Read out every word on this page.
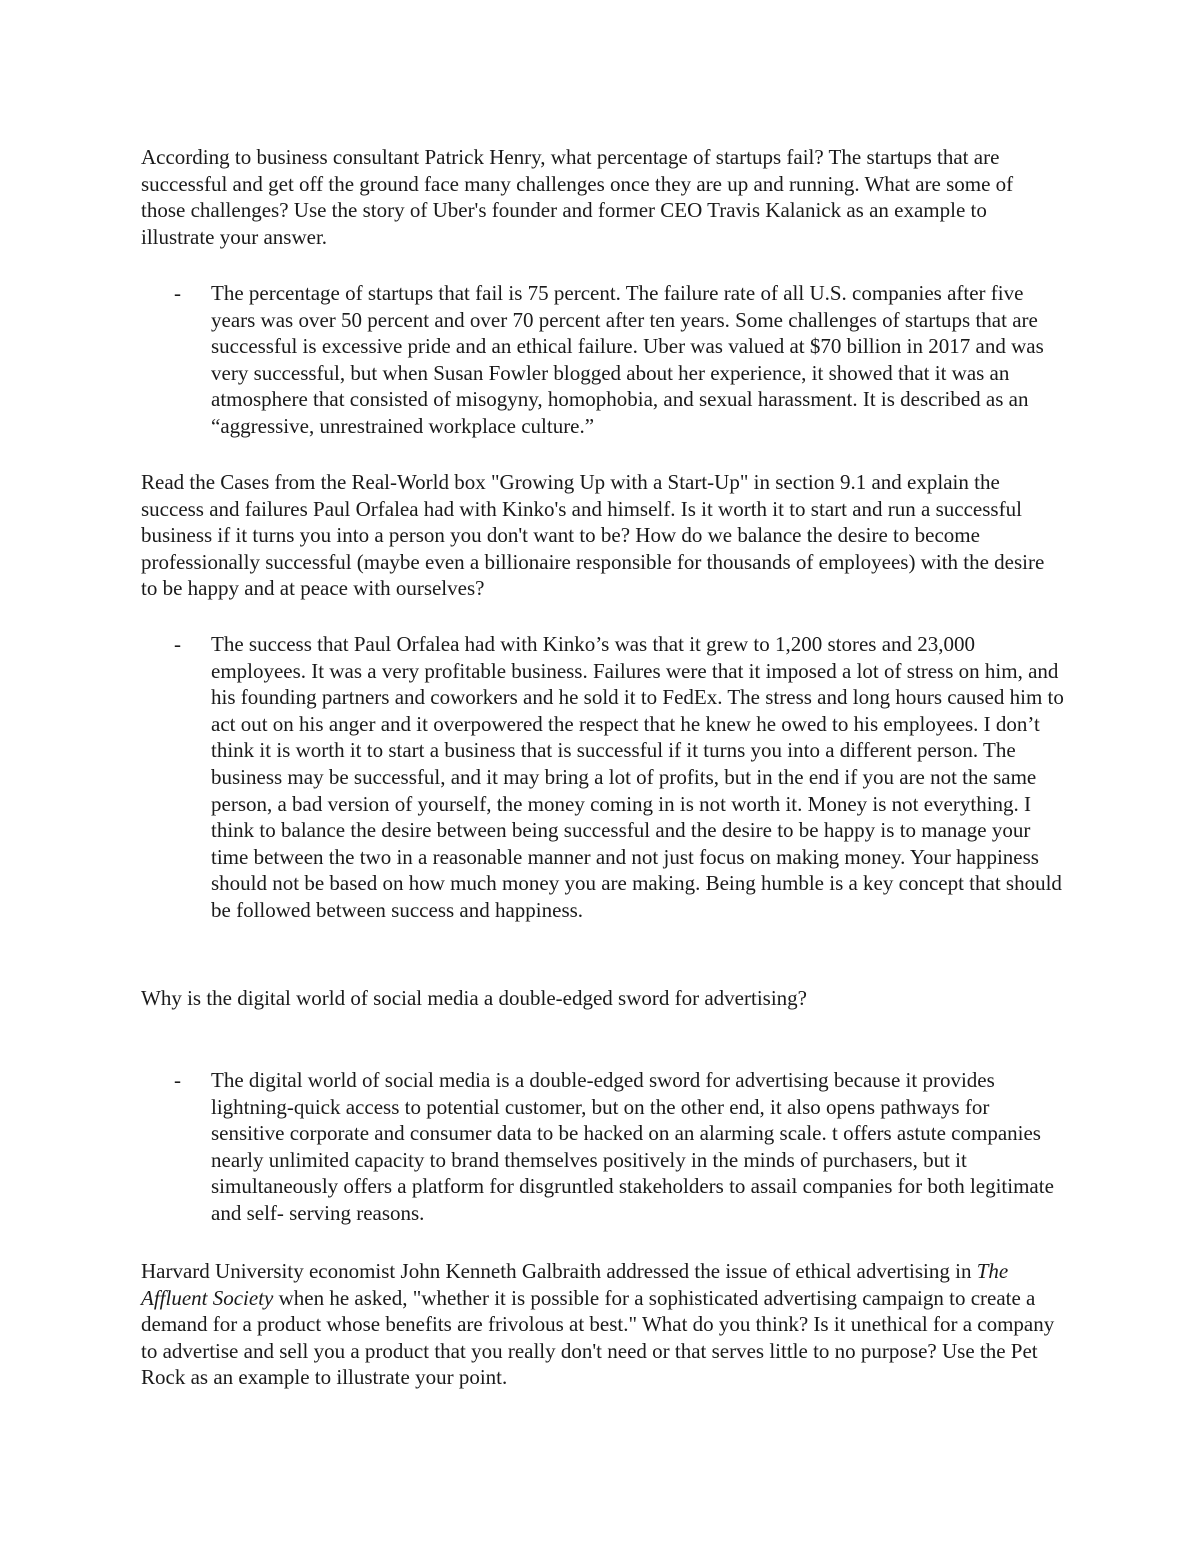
According to business consultant Patrick Henry, what percentage of startups fail? The startups that are successful and get off the ground face many challenges once they are up and running. What are some of those challenges? Use the story of Uber's founder and former CEO Travis Kalanick as an example to illustrate your answer.

- The percentage of startups that fail is 75 percent. The failure rate of all U.S. companies after five years was over 50 percent and over 70 percent after ten years. Some challenges of startups that are successful is excessive pride and an ethical failure. Uber was valued at $70 billion in 2017 and was very successful, but when Susan Fowler blogged about her experience, it showed that it was an atmosphere that consisted of misogyny, homophobia, and sexual harassment. It is described as an “aggressive, unrestrained workplace culture.”

Read the Cases from the Real-World box "Growing Up with a Start-Up" in section 9.1 and explain the success and failures Paul Orfalea had with Kinko's and himself. Is it worth it to start and run a successful business if it turns you into a person you don't want to be? How do we balance the desire to become professionally successful (maybe even a billionaire responsible for thousands of employees) with the desire to be happy and at peace with ourselves?

- The success that Paul Orfalea had with Kinko’s was that it grew to 1,200 stores and 23,000 employees. It was a very profitable business. Failures were that it imposed a lot of stress on him, and his founding partners and coworkers and he sold it to FedEx. The stress and long hours caused him to act out on his anger and it overpowered the respect that he knew he owed to his employees. I don’t think it is worth it to start a business that is successful if it turns you into a different person. The business may be successful, and it may bring a lot of profits, but in the end if you are not the same person, a bad version of yourself, the money coming in is not worth it. Money is not everything. I think to balance the desire between being successful and the desire to be happy is to manage your time between the two in a reasonable manner and not just focus on making money. Your happiness should not be based on how much money you are making. Being humble is a key concept that should be followed between success and happiness.

Why is the digital world of social media a double-edged sword for advertising?

- The digital world of social media is a double-edged sword for advertising because it provides lightning-quick access to potential customer, but on the other end, it also opens pathways for sensitive corporate and consumer data to be hacked on an alarming scale. t offers astute companies nearly unlimited capacity to brand themselves positively in the minds of purchasers, but it simultaneously offers a platform for disgruntled stakeholders to assail companies for both legitimate and self- serving reasons.

Harvard University economist John Kenneth Galbraith addressed the issue of ethical advertising in The Affluent Society when he asked, "whether it is possible for a sophisticated advertising campaign to create a demand for a product whose benefits are frivolous at best." What do you think? Is it unethical for a company to advertise and sell you a product that you really don't need or that serves little to no purpose? Use the Pet Rock as an example to illustrate your point.
